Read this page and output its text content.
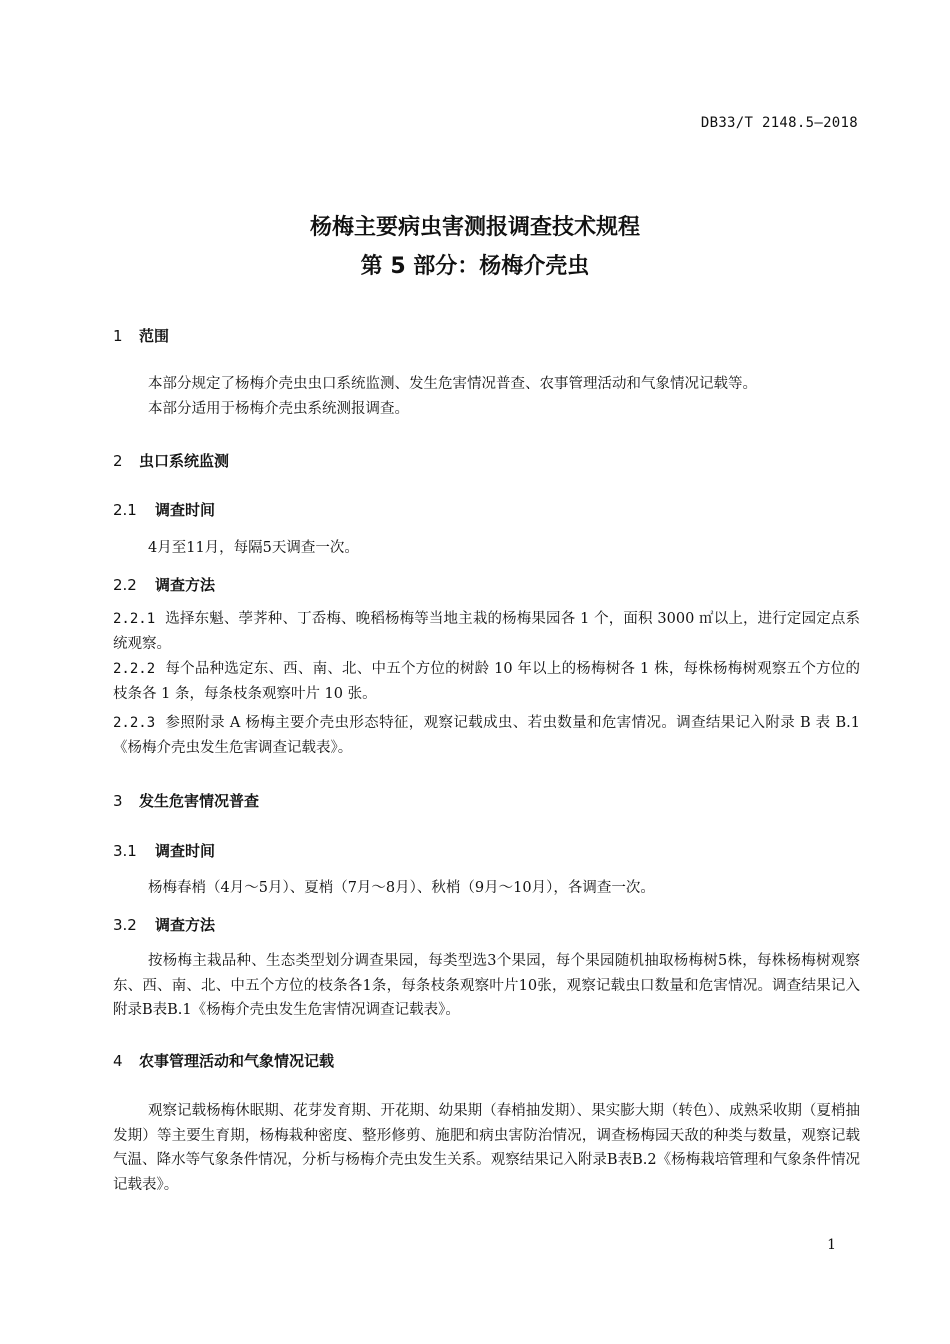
DB33/T 2148.5—2018
杨梅主要病虫害测报调查技术规程
第 5 部分：杨梅介壳虫
1 范围
本部分规定了杨梅介壳虫虫口系统监测、发生危害情况普查、农事管理活动和气象情况记载等。
本部分适用于杨梅介壳虫系统测报调查。
2 虫口系统监测
2.1 调查时间
4月至11月，每隔5天调查一次。
2.2 调查方法
2.2.1 选择东魁、荸荠种、丁岙梅、晚稻杨梅等当地主栽的杨梅果园各 1 个，面积 3000 ㎡以上，进行定园定点系统观察。
2.2.2 每个品种选定东、西、南、北、中五个方位的树龄 10 年以上的杨梅树各 1 株，每株杨梅树观察五个方位的枝条各 1 条，每条枝条观察叶片 10 张。
2.2.3 参照附录 A 杨梅主要介壳虫形态特征，观察记载成虫、若虫数量和危害情况。调查结果记入附录 B 表 B.1《杨梅介壳虫发生危害调查记载表》。
3 发生危害情况普查
3.1 调查时间
杨梅春梢（4月～5月）、夏梢（7月～8月）、秋梢（9月～10月），各调查一次。
3.2 调查方法
按杨梅主栽品种、生态类型划分调查果园，每类型选3个果园，每个果园随机抽取杨梅树5株，每株杨梅树观察东、西、南、北、中五个方位的枝条各1条，每条枝条观察叶片10张，观察记载虫口数量和危害情况。调查结果记入附录B表B.1《杨梅介壳虫发生危害情况调查记载表》。
4 农事管理活动和气象情况记载
观察记载杨梅休眠期、花芽发育期、开花期、幼果期（春梢抽发期）、果实膨大期（转色）、成熟采收期（夏梢抽发期）等主要生育期，杨梅栽种密度、整形修剪、施肥和病虫害防治情况，调查杨梅园天敌的种类与数量，观察记载气温、降水等气象条件情况，分析与杨梅介壳虫发生关系。观察结果记入附录B表B.2《杨梅栽培管理和气象条件情况记载表》。
1
